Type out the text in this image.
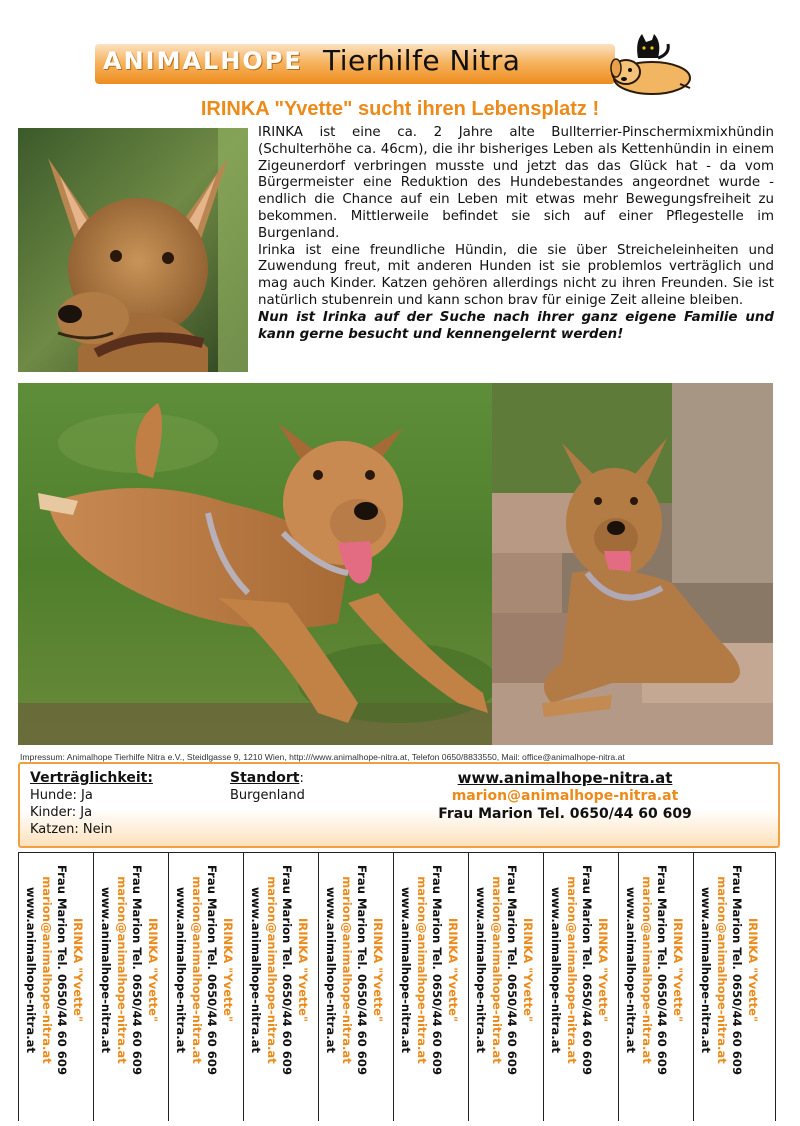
ANIMALHOPE Tierhilfe Nitra
IRINKA "Yvette" sucht ihren Lebensplatz !

IRINKA ist eine ca. 2 Jahre alte Bullterrier-Pinschermixmixhündin (Schulterhöhe ca. 46cm), die ihr bisheriges Leben als Kettenhündin in einem Zigeunerdorf verbringen musste und jetzt das das Glück hat - da vom Bürgermeister eine Reduktion des Hundebestandes angeordnet wurde - endlich die Chance auf ein Leben mit etwas mehr Bewegungsfreiheit zu bekommen. Mittlerweile befindet sie sich auf einer Pflegestelle im Burgenland.

Irinka ist eine freundliche Hündin, die sie über Streicheleinheiten und Zuwendung freut, mit anderen Hunden ist sie problemlos verträglich und mag auch Kinder. Katzen gehören allerdings nicht zu ihren Freunden. Sie ist natürlich stubenrein und kann schon brav für einige Zeit alleine bleiben.

Nun ist Irinka auf der Suche nach ihrer ganz eigene Familie und kann gerne besucht und kennengelernt werden!

Impressum: Animalhope Tierhilfe Nitra e.V., Steidlgasse 9, 1210 Wien, http:///www.animalhope-nitra.at, Telefon 0650/8833550, Mail: office@animalhope-nitra.at
Verträglichkeit:
Hunde: Ja
Kinder: Ja
Katzen: Nein
Standort:
Burgenland
www.animalhope-nitra.at
marion@animalhope-nitra.at
Frau Marion Tel. 0650/44 60 609
IRINKA "Yvette"
Frau Marion Tel. 0650/44 60 609
marion@animalhope-nitra.at
www.animalhope-nitra.at	IRINKA "Yvette"
Frau Marion Tel. 0650/44 60 609
marion@animalhope-nitra.at
www.animalhope-nitra.at	IRINKA "Yvette"
Frau Marion Tel. 0650/44 60 609
marion@animalhope-nitra.at
www.animalhope-nitra.at	IRINKA "Yvette"
Frau Marion Tel. 0650/44 60 609
marion@animalhope-nitra.at
www.animalhope-nitra.at	IRINKA "Yvette"
Frau Marion Tel. 0650/44 60 609
marion@animalhope-nitra.at
www.animalhope-nitra.at	IRINKA "Yvette"
Frau Marion Tel. 0650/44 60 609
marion@animalhope-nitra.at
www.animalhope-nitra.at	IRINKA "Yvette"
Frau Marion Tel. 0650/44 60 609
marion@animalhope-nitra.at
www.animalhope-nitra.at	IRINKA "Yvette"
Frau Marion Tel. 0650/44 60 609
marion@animalhope-nitra.at
www.animalhope-nitra.at	IRINKA "Yvette"
Frau Marion Tel. 0650/44 60 609
marion@animalhope-nitra.at
www.animalhope-nitra.at	IRINKA "Yvette"
Frau Marion Tel. 0650/44 60 609
marion@animalhope-nitra.at
www.animalhope-nitra.at
